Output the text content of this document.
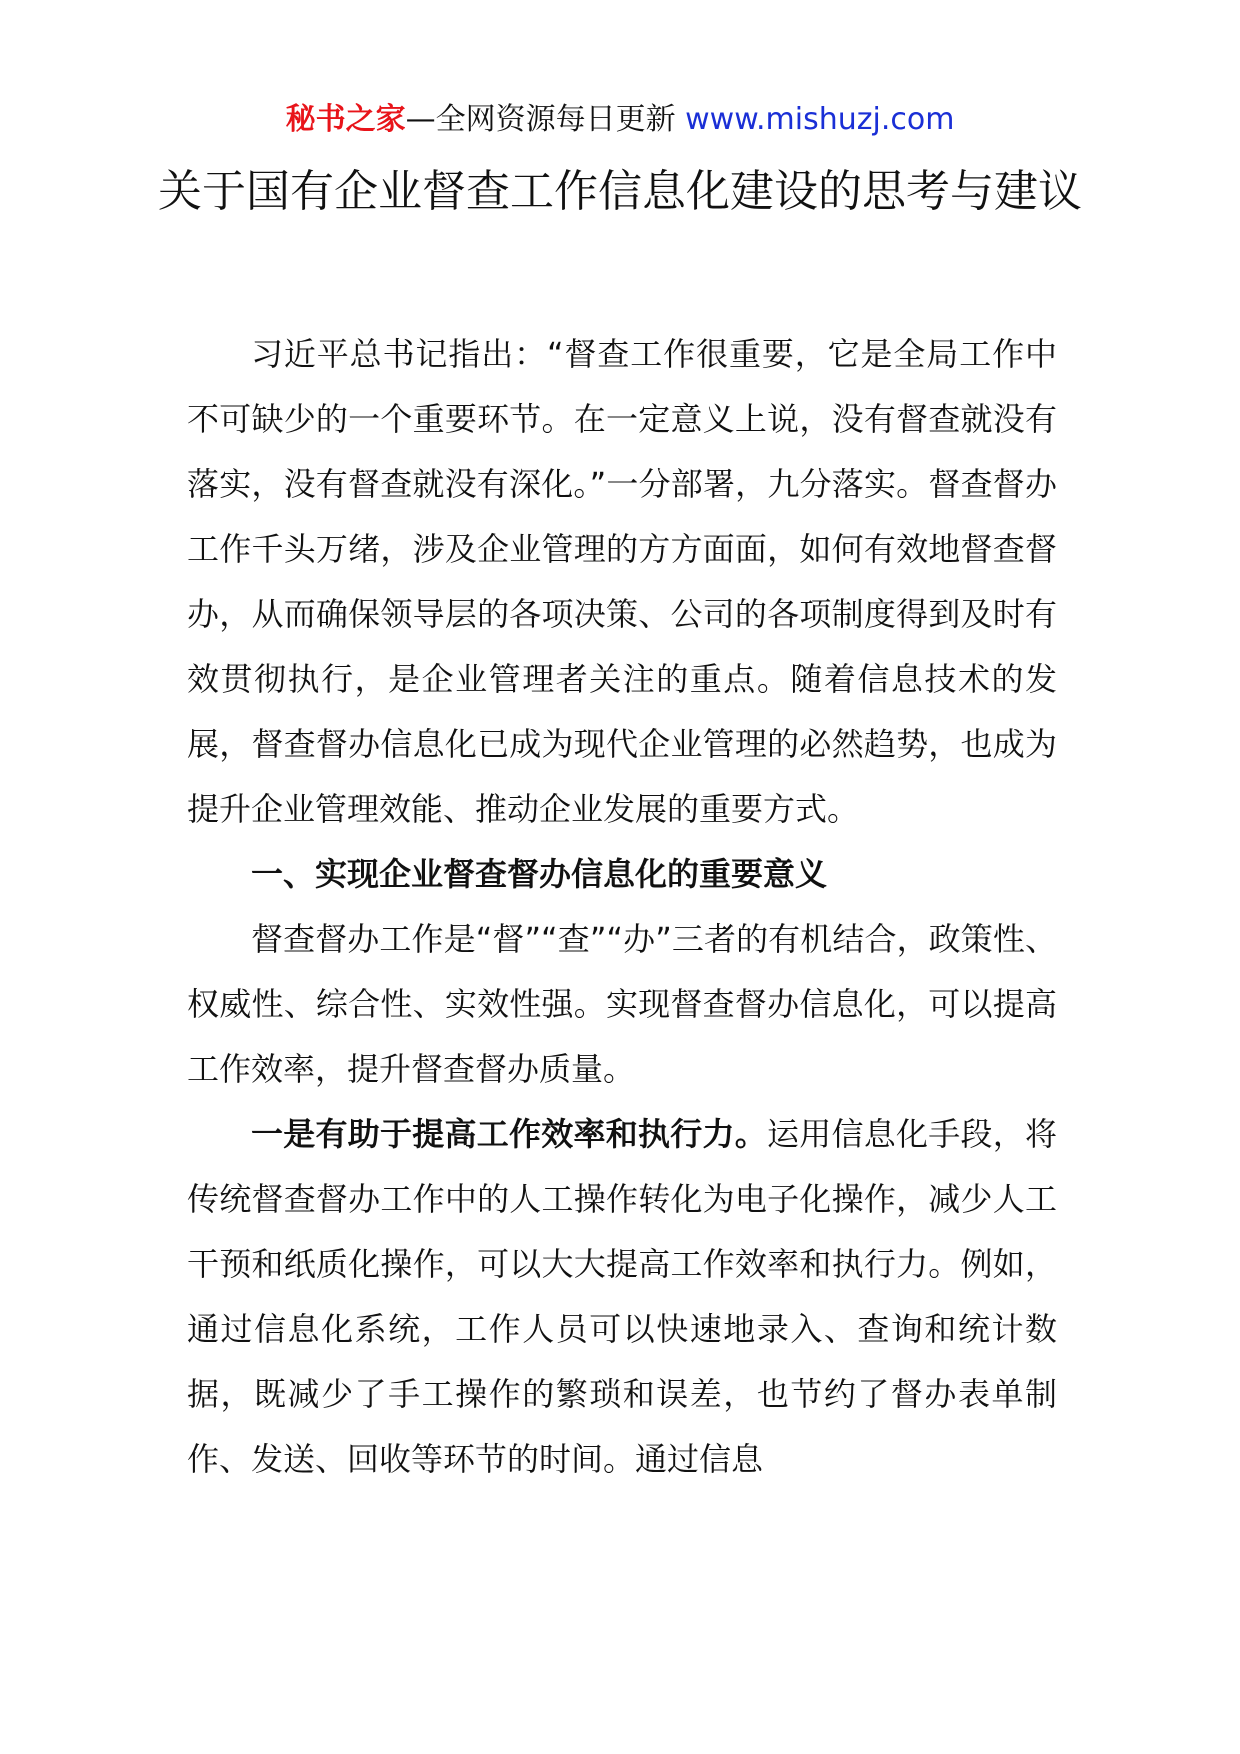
秘书之家—全网资源每日更新 www.mishuzj.com
关于国有企业督查工作信息化建设的思考与建议

习近平总书记指出：“督查工作很重要，它是全局工作中不可缺少的一个重要环节。在一定意义上说，没有督查就没有落实，没有督查就没有深化。”一分部署，九分落实。督查督办工作千头万绪，涉及企业管理的方方面面，如何有效地督查督办，从而确保领导层的各项决策、公司的各项制度得到及时有效贯彻执行，是企业管理者关注的重点。随着信息技术的发展，督查督办信息化已成为现代企业管理的必然趋势，也成为提升企业管理效能、推动企业发展的重要方式。

一、实现企业督查督办信息化的重要意义

督查督办工作是“督”“查”“办”三者的有机结合，政策性、权威性、综合性、实效性强。实现督查督办信息化，可以提高工作效率，提升督查督办质量。

一是有助于提高工作效率和执行力。运用信息化手段，将传统督查督办工作中的人工操作转化为电子化操作，减少人工干预和纸质化操作，可以大大提高工作效率和执行力。例如，通过信息化系统，工作人员可以快速地录入、查询和统计数据，既减少了手工操作的繁琐和误差，也节约了督办表单制作、发送、回收等环节的时间。通过信息
